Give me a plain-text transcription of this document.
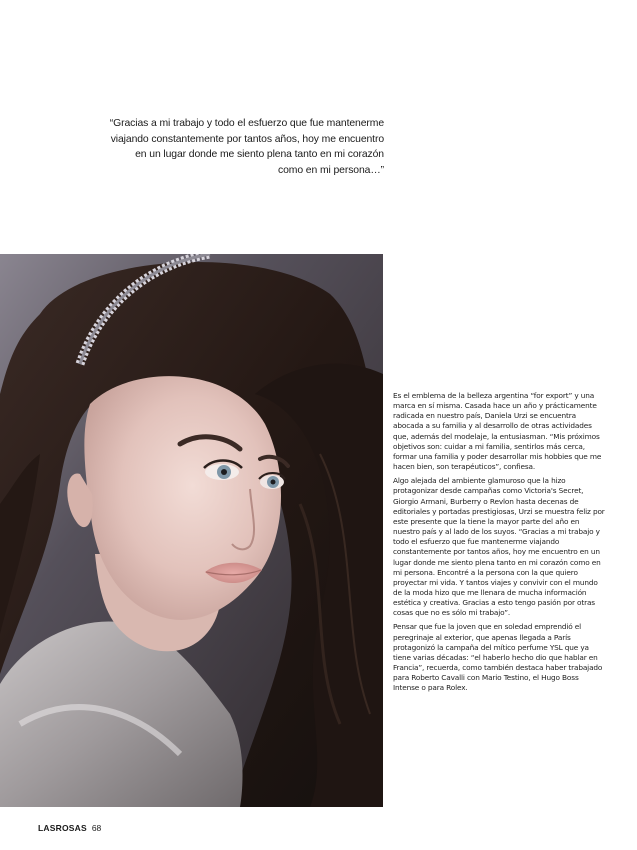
“Gracias a mi trabajo y todo el esfuerzo que fue mantenerme

viajando constantemente por tantos años, hoy me encuentro

en un lugar donde me siento plena tanto en mi corazón

como en mi persona…”

Es el emblema de la belleza argentina “for export” y una marca en sí misma. Casada hace un año y prácticamente radicada en nuestro país, Daniela Urzi se encuentra abocada a su familia y al desarrollo de otras actividades que, además del modelaje, la entusiasman. “Mis próximos objetivos son: cuidar a mi familia, sentirlos más cerca, formar una familia y poder desarrollar mis hobbies que me hacen bien, son terapéuticos”, confiesa.

Algo alejada del ambiente glamuroso que la hizo protagonizar desde campañas como Victoria's Secret, Giorgio Armani, Burberry o Revlon hasta decenas de editoriales y portadas prestigiosas, Urzi se muestra feliz por este presente que la tiene la mayor parte del año en nuestro país y al lado de los suyos. “Gracias a mi trabajo y todo el esfuerzo que fue mantenerme viajando constantemente por tantos años, hoy me encuentro en un lugar donde me siento plena tanto en mi corazón como en mi persona. Encontré a la persona con la que quiero proyectar mi vida. Y tantos viajes y convivir con el mundo de la moda hizo que me llenara de mucha información estética y creativa. Gracias a esto tengo pasión por otras cosas que no es sólo mi trabajo”.

Pensar que fue la joven que en soledad emprendió el peregrinaje al exterior, que apenas llegada a París protagonizó la campaña del mítico perfume YSL que ya tiene varias décadas: “el haberlo hecho dio que hablar en Francia”, recuerda, como también destaca haber trabajado para Roberto Cavalli con Mario Testino, el Hugo Boss Intense o para Rolex.

LASROSAS 68
